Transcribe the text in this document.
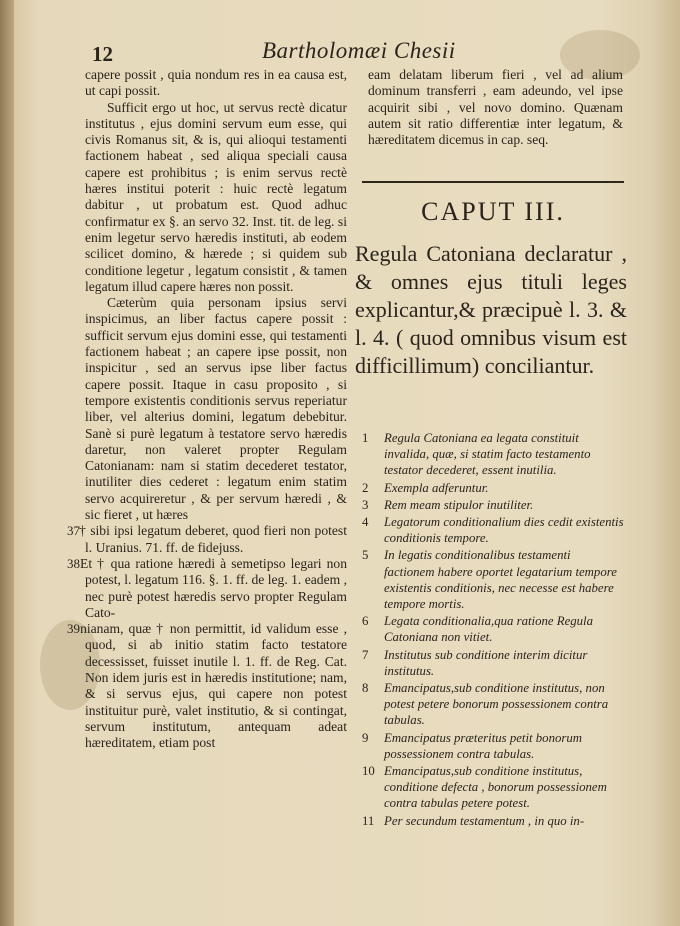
12	Bartholomæi Chesii

capere possit , quia nondum res in ea causa est, ut capi possit.

Sufficit ergo ut hoc, ut servus rectè dicatur institutus , ejus domini servum eum esse, qui civis Romanus sit, & is, qui alioqui testamenti factionem habeat , sed aliqua speciali causa capere est prohibitus ; is enim servus rectè hæres institui poterit : huic rectè legatum dabitur , ut probatum est. Quod adhuc confirmatur ex §. an servo 32. Inst. tit. de leg. si enim legetur servo hæredis instituti, ab eodem scilicet domino, & hærede ; si quidem sub conditione legetur , legatum consistit , & tamen legatum illud capere hæres non possit.

Cæterùm quia personam ipsius servi inspicimus, an liber factus capere possit : sufficit servum ejus domini esse, qui testamenti factionem habeat ; an capere ipse possit, non inspicitur , sed an servus ipse liber factus capere possit. Itaque in casu proposito , si tempore existentis conditionis servus reperiatur liber, vel alterius domini, legatum debebitur. Sanè si purè legatum à testatore servo hæredis daretur, non valeret propter Regulam Catonianam: nam si statim decederet testator, inutiliter dies cederet : legatum enim statim servo acquireretur , & per servum hæredi , & sic fieret , ut hæres

37 † sibi ipsi legatum deberet, quod fieri non potest l. Uranius. 71. ff. de fidejuss.

38 Et † qua ratione hæredi à semetipso legari non potest, l. legatum 116. §. 1. ff. de leg. 1. eadem , nec purè potest hæredis servo propter Regulam Cato-

39 nianam, quæ † non permittit, id validum esse , quod, si ab initio statim facto testatore decessisset, fuisset inutile l. 1. ff. de Reg. Cat. Non idem juris est in hæredis institutione; nam, & si servus ejus, qui capere non potest instituitur purè, valet institutio, & si contingat, servum institutum, antequam adeat hæreditatem, etiam post

eam delatam liberum fieri , vel ad alium dominum transferri , eam adeundo, vel ipse acquirit sibi , vel novo domino. Quænam autem sit ratio differentiæ inter legatum, & hæreditatem dicemus in cap. seq.

CAPUT III.
Regula Catoniana declaratur , & omnes ejus tituli leges explicantur,& præcipuè l. 3. & l. 4. ( quod omnibus visum est difficillimum) conciliantur.
1 Regula Catoniana ea legata constituit invalida, quæ, si statim facto testamento testator decederet, essent inutilia.
2 Exempla adferuntur.
3 Rem meam stipulor inutiliter.
4 Legatorum conditionalium dies cedit existentis conditionis tempore.
5 In legatis conditionalibus testamenti factionem habere oportet legatarium tempore existentis conditionis, nec necesse est habere tempore mortis.
6 Legata conditionalia,qua ratione Regula Catoniana non vitiet.
7 Institutus sub conditione interim dicitur institutus.
8 Emancipatus,sub conditione institutus, non potest petere bonorum possessionem contra tabulas.
9 Emancipatus præteritus petit bonorum possessionem contra tabulas.
10 Emancipatus,sub conditione institutus, conditione defecta , bonorum possessionem contra tabulas petere potest.
11 Per secundum testamentum , in quo in-
